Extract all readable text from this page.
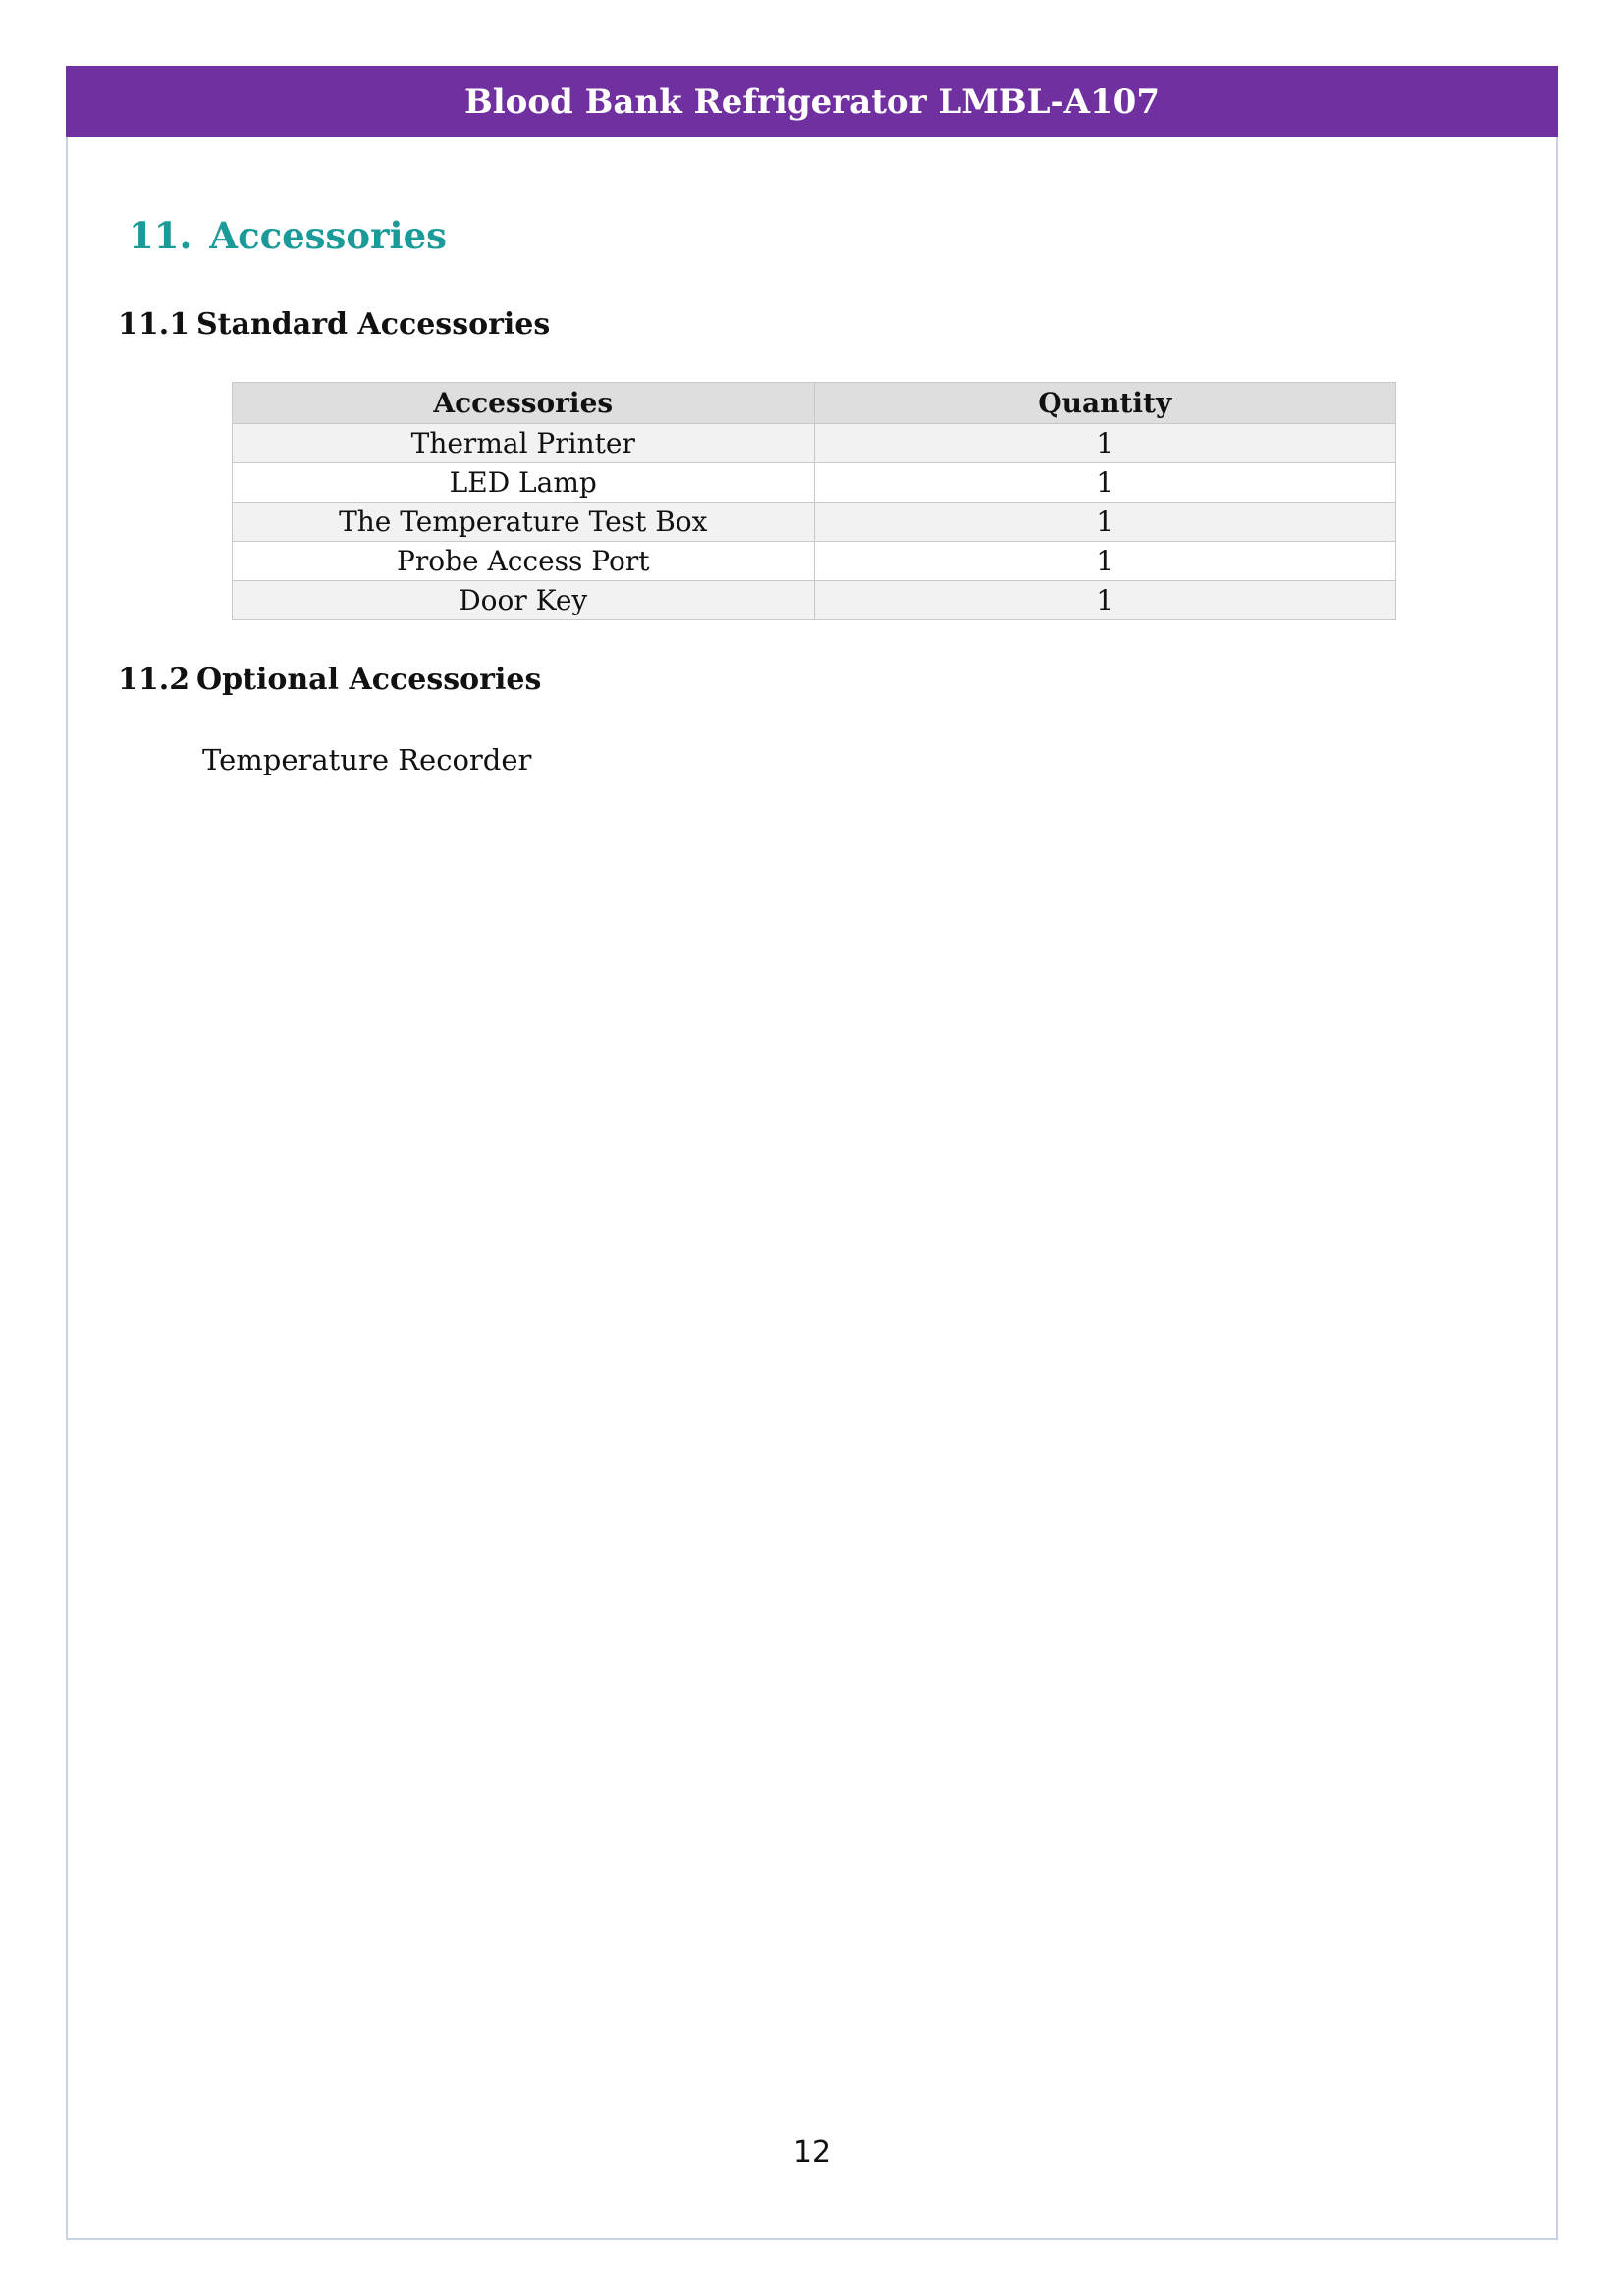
Blood Bank Refrigerator LMBL-A107
11. Accessories
11.1 Standard Accessories
Accessories	Quantity
Thermal Printer	1
LED Lamp	1
The Temperature Test Box	1
Probe Access Port	1
Door Key	1
11.2 Optional Accessories
Temperature Recorder
12
